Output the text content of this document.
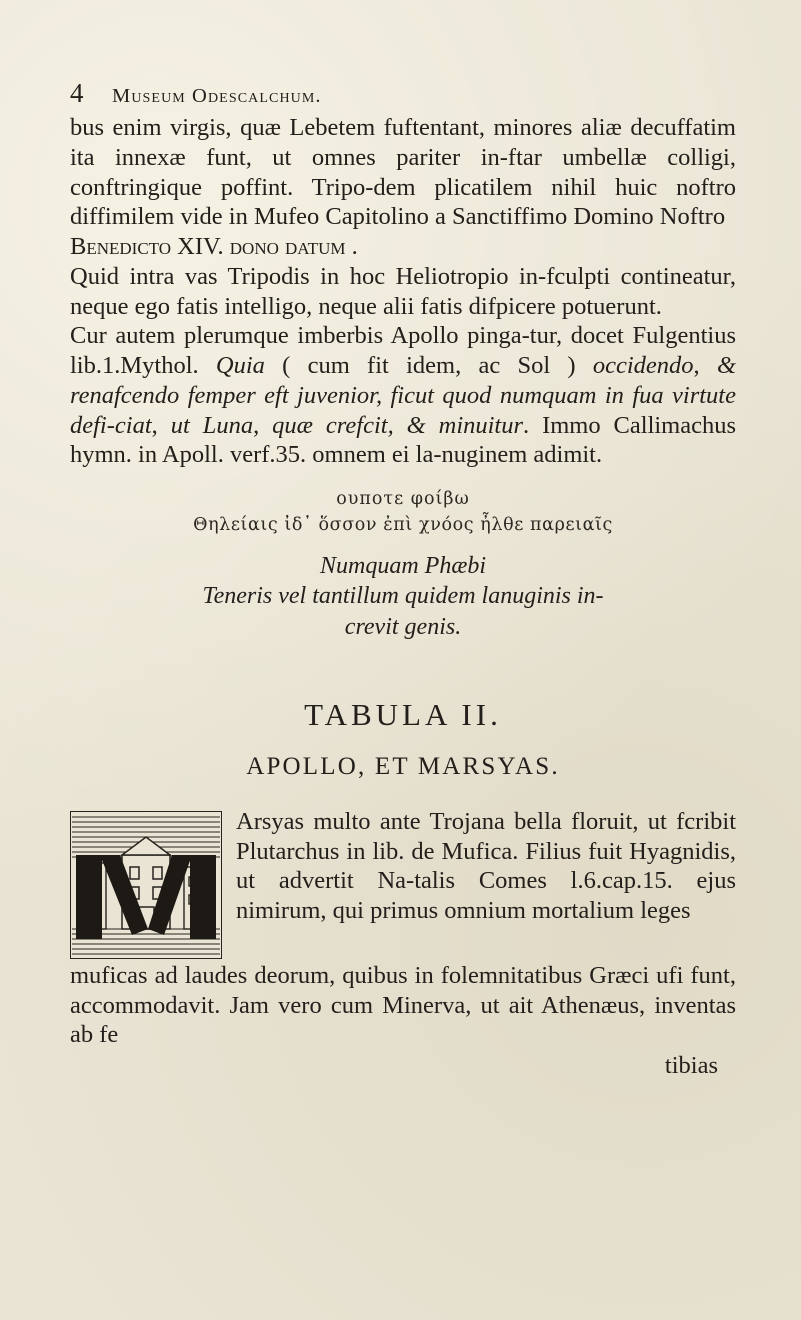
4	Museum Odescalchum.

bus enim virgis, quæ Lebetem fuftentant, minores aliæ decuffatim ita innexæ funt, ut omnes pariter in-ftar umbellæ colligi, conftringique poffint. Tripo-dem plicatilem nihil huic noftro diffimilem vide in Mufeo Capitolino a Sanctiffimo Domino Noftro

Benedicto XIV. dono datum .

Quid intra vas Tripodis in hoc Heliotropio in-fculpti contineatur, neque ego fatis intelligo, neque alii fatis difpicere potuerunt.

Cur autem plerumque imberbis Apollo pinga-tur, docet Fulgentius lib.1.Mythol. Quia ( cum fit idem, ac Sol ) occidendo, & renafcendo femper eft juvenior, ficut quod numquam in fua virtute defi-ciat, ut Luna, quæ crefcit, & minuitur. Immo Callimachus hymn. in Apoll. verf.35. omnem ei la-nuginem adimit.

ουποτε φοίβω
Θηλείαις ἰδ᾽ ὅσσον ἐπὶ χνόος ἦλθε παρειαῖς
Numquam Phæbi
Teneris vel tantillum quidem lanuginis in-
crevit genis.
TABULA II.
APOLLO, ET MARSYAS.

Arsyas multo ante Trojana bella floruit, ut fcribit Plutarchus in lib. de Mufica. Filius fuit Hyagnidis, ut advertit Na-talis Comes l.6.cap.15. ejus nimirum, qui primus omnium mortalium leges

muficas ad laudes deorum, quibus in folemnitatibus Græci ufi funt, accommodavit. Jam vero cum Minerva, ut ait Athenæus, inventas ab fe

tibias
